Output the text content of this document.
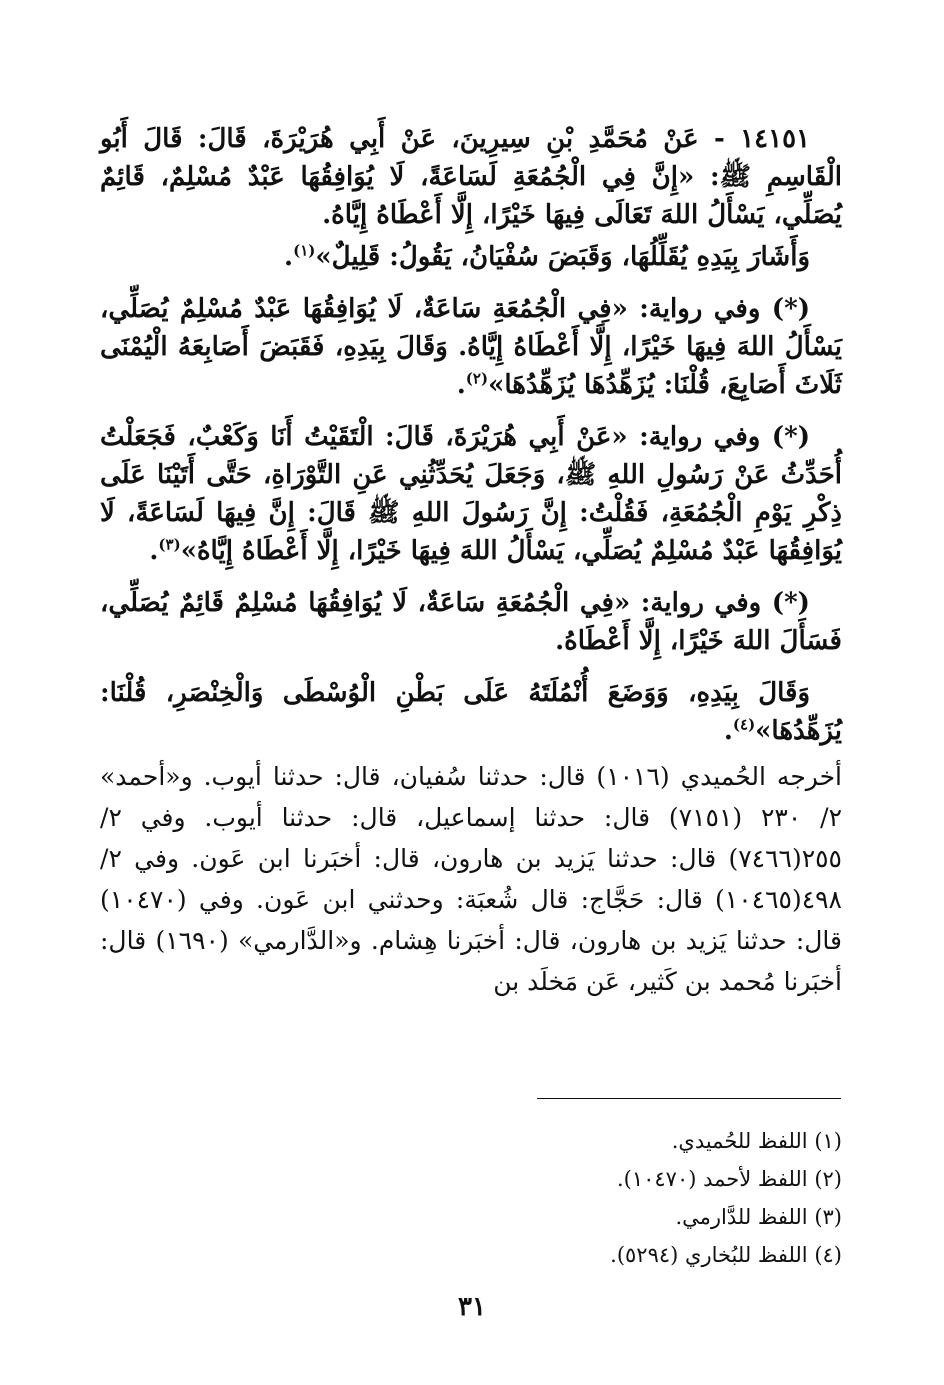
١٤١٥١ - عَنْ مُحَمَّدِ بْنِ سِيرِينَ، عَنْ أَبِي هُرَيْرَةَ، قَالَ: قَالَ أَبُو الْقَاسِمِ ﷺ: «إِنَّ فِي الْجُمُعَةِ لَسَاعَةً، لَا يُوَافِقُهَا عَبْدٌ مُسْلِمٌ، قَائِمٌ يُصَلِّي، يَسْأَلُ اللهَ تَعَالَى فِيهَا خَيْرًا، إِلَّا أَعْطَاهُ إِيَّاهُ.

وَأَشَارَ بِيَدِهِ يُقَلِّلُهَا، وَقَبَضَ سُفْيَانُ، يَقُولُ: قَلِيلٌ»$^{(١)}$.

(*) وفي رواية: «فِي الْجُمُعَةِ سَاعَةٌ، لَا يُوَافِقُهَا عَبْدٌ مُسْلِمٌ يُصَلِّي، يَسْأَلُ اللهَ فِيهَا خَيْرًا، إِلَّا أَعْطَاهُ إِيَّاهُ. وَقَالَ بِيَدِهِ، فَقَبَضَ أَصَابِعَهُ الْيُمْنَى ثَلَاثَ أَصَابِعَ، قُلْنَا: يُزَهِّدُهَا يُزَهِّدُهَا»$^{(٢)}$.

(*) وفي رواية: «عَنْ أَبِي هُرَيْرَةَ، قَالَ: الْتَقَيْتُ أَنَا وَكَعْبٌ، فَجَعَلْتُ أُحَدِّثُ عَنْ رَسُولِ اللهِ ﷺ، وَجَعَلَ يُحَدِّثُنِي عَنِ التَّوْرَاةِ، حَتَّى أَتَيْنَا عَلَى ذِكْرِ يَوْمِ الْجُمُعَةِ، فَقُلْتُ: إِنَّ رَسُولَ اللهِ ﷺ قَالَ: إِنَّ فِيهَا لَسَاعَةً، لَا يُوَافِقُهَا عَبْدٌ مُسْلِمٌ يُصَلِّي، يَسْأَلُ اللهَ فِيهَا خَيْرًا، إِلَّا أَعْطَاهُ إِيَّاهُ»$^{(٣)}$.

(*) وفي رواية: «فِي الْجُمُعَةِ سَاعَةٌ، لَا يُوَافِقُهَا مُسْلِمٌ قَائِمٌ يُصَلِّي، فَسَأَلَ اللهَ خَيْرًا، إِلَّا أَعْطَاهُ.

وَقَالَ بِيَدِهِ، وَوَضَعَ أُنْمُلَتَهُ عَلَى بَطْنِ الْوُسْطَى وَالْخِنْصَرِ، قُلْنَا: يُزَهِّدُهَا»$^{(٤)}$.

أخرجه الحُميدي (١٠١٦) قال: حدثنا سُفيان، قال: حدثنا أيوب. و«أحمد» ٢/ ٢٣٠ (٧١٥١) قال: حدثنا إسماعيل، قال: حدثنا أيوب. وفي ٢/ ٢٥٥(٧٤٦٦) قال: حدثنا يَزيد بن هارون، قال: أخبَرنا ابن عَون. وفي ٢/ ٤٩٨(١٠٤٦٥) قال: حَجَّاج: قال شُعبَة: وحدثني ابن عَون. وفي (١٠٤٧٠) قال: حدثنا يَزيد بن هارون، قال: أخبَرنا هِشام. و«الدَّارمي» (١٦٩٠) قال: أخبَرنا مُحمد بن كَثير، عَن مَخلَد بن

(١) اللفظ للحُميدي.

(٢) اللفظ لأحمد (١٠٤٧٠).

(٣) اللفظ للدَّارمي.

(٤) اللفظ للبُخاري (٥٢٩٤).

٣١
